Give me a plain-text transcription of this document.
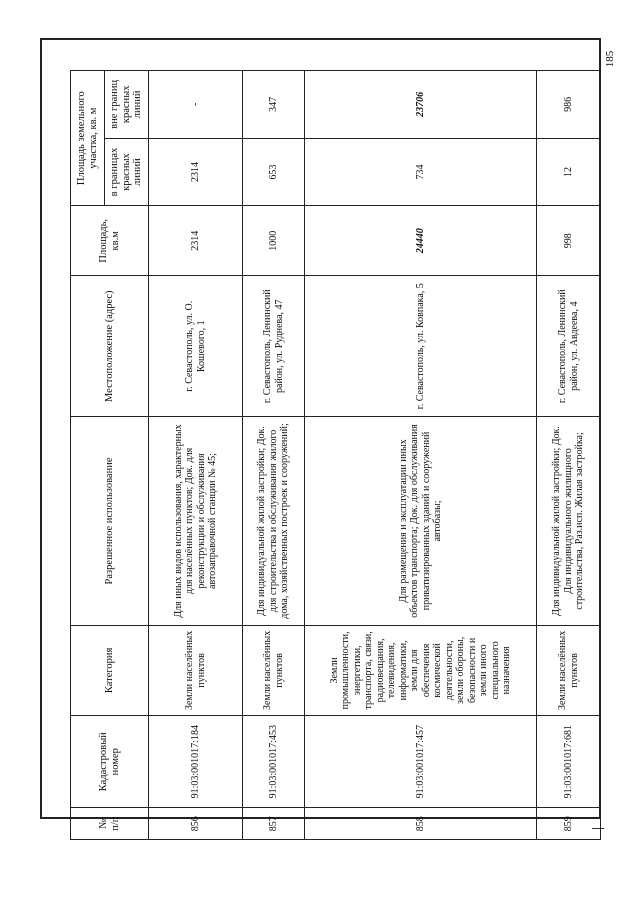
185
№
п/п	Кадастровый номер	Категория	Разрешенное использование	Местоположение (адрес)	Площадь, кв.м	Площадь земельного участка, кв. м	
						в границах красных линий	вне границ красных линий
856	91:03:001017:184	Земли населённых пунктов	Для иных видов использования, характерных для населённых пунктов; Док. для реконструкции и обслуживания автозаправочной станции № 45;	г. Севастополь, ул. О. Кошевого, 1	2314	2314	-
857	91:03:001017:453	Земли населённых пунктов	Для индивидуальной жилой застройки; Док. для строительства и обслуживания жилого дома, хозяйственных построек и сооружений;	г. Севастополь, Ленинский район, ул. Руднева, 47	1000	653	347
858	91:03:001017:457	Земли промышленности, энергетики, транспорта, связи, радиовещания, телевидения, информатики, земли для обеспечения космической деятельности, земли обороны, безопасности и земли иного специального назначения	Для размещения и эксплуатации иных объектов транспорта; Док. для обслуживания приватизированных зданий и сооружений автобазы;	г. Севастополь, ул. Ковпака, 5	24440	734	23706
859	91:03:001017:681	Земли населённых пунктов	Для индивидуальной жилой застройки; Док. Для индивидуального жилищного строительства, Раз.исп. Жилая застройка;	г. Севастополь, Ленинский район, ул. Авдеева, 4	998	12	986
